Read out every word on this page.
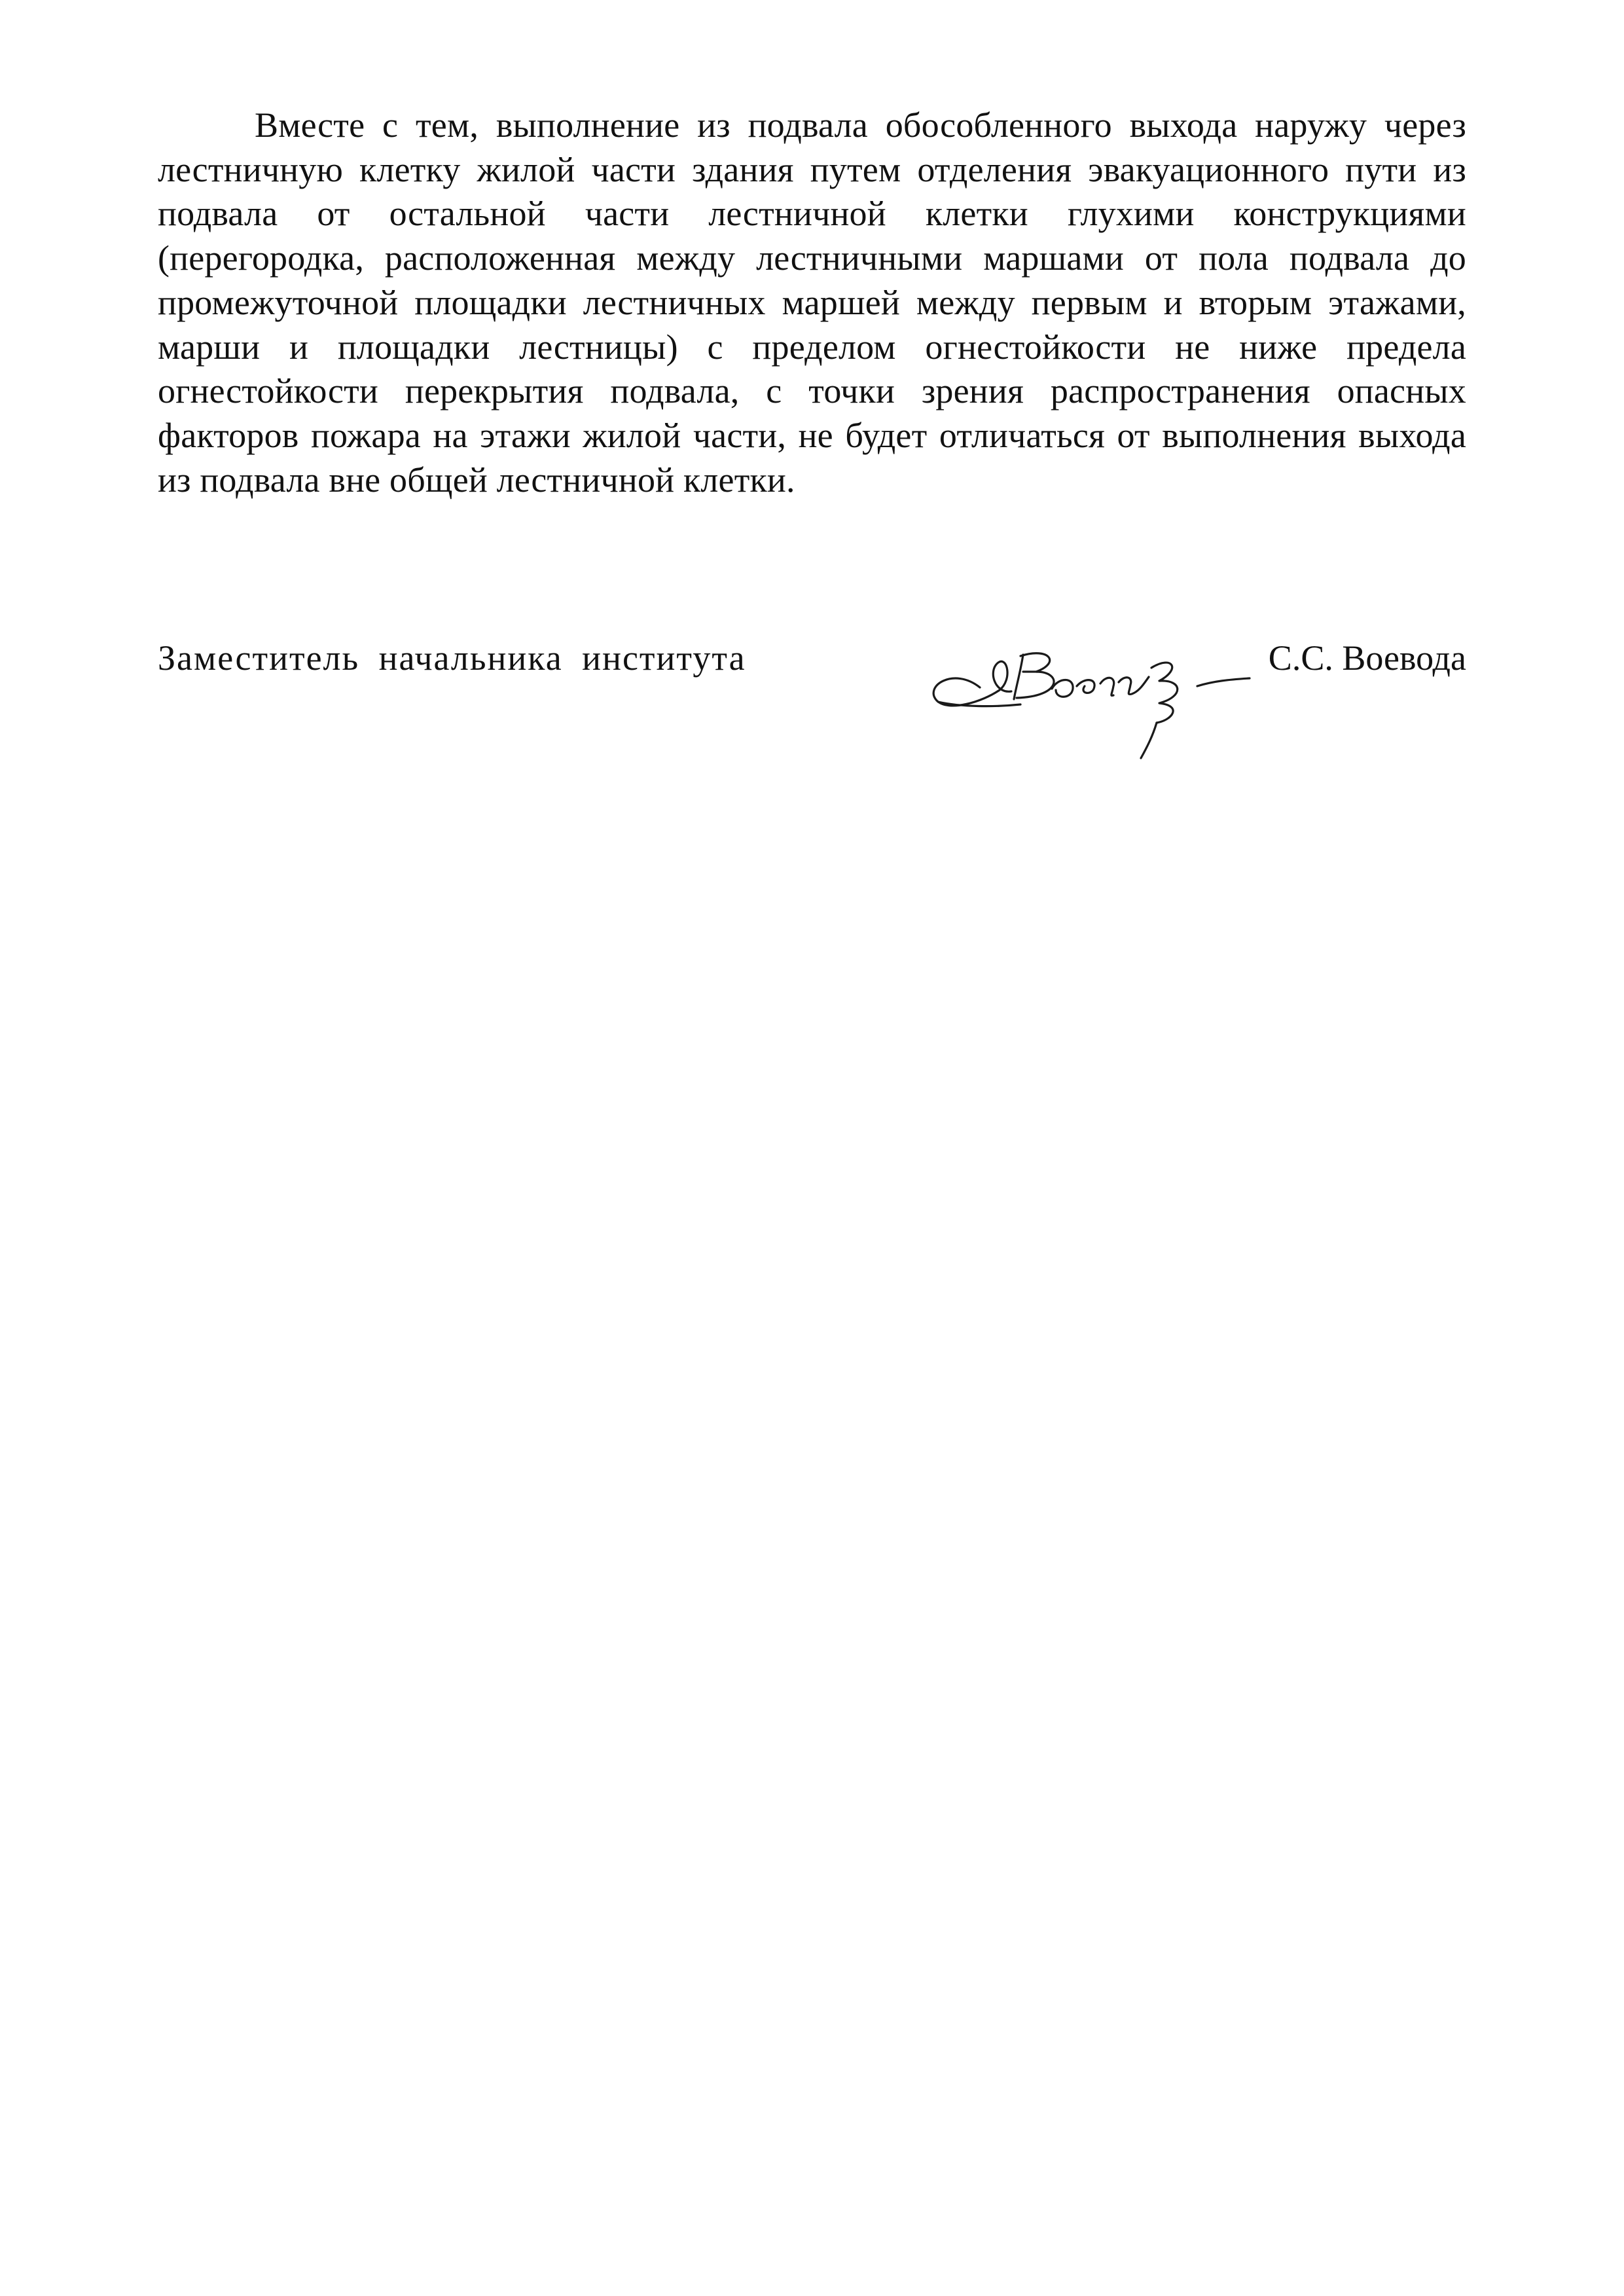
Вместе с тем, выполнение из подвала обособленного выхода наружу через лестничную клетку жилой части здания путем отделения эвакуационного пути из подвала от остальной части лестничной клетки глухими конструкциями (перегородка, расположенная между лестничными маршами от пола подвала до промежуточной площадки лестничных маршей между первым и вторым этажами, марши и площадки лестницы) с пределом огнестойкости не ниже предела огнестойкости перекрытия подвала, с точки зрения распространения опасных факторов пожара на этажи жилой части, не будет отличаться от выполнения выхода из подвала вне общей лестничной клетки.

Заместитель начальника института	С.С. Воевода
